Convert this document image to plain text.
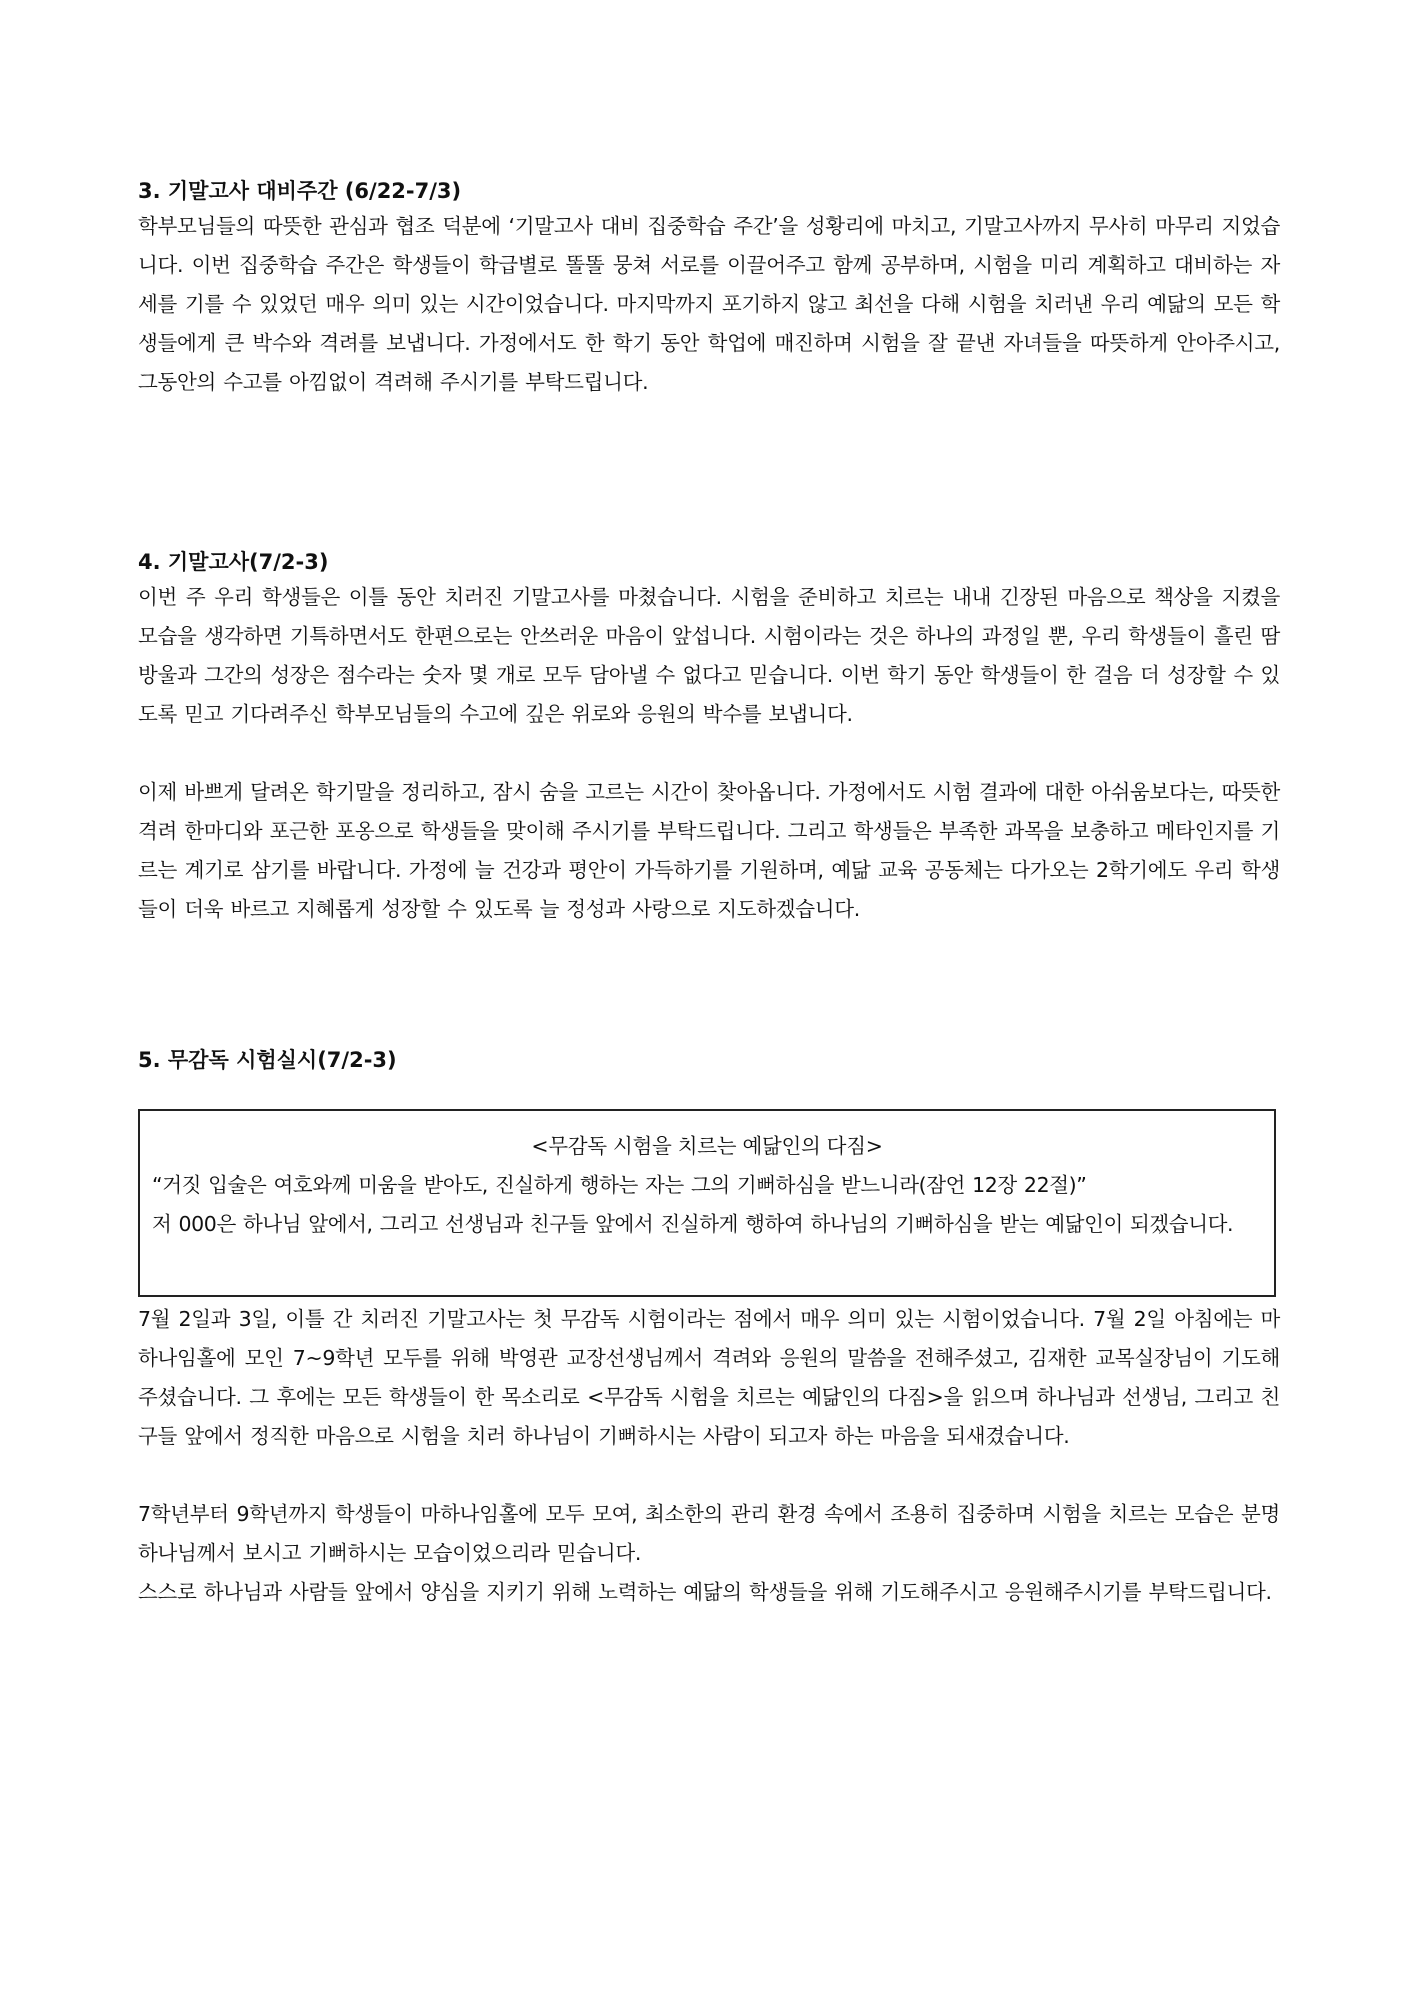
3. 기말고사 대비주간 (6/22-7/3)

학부모님들의 따뜻한 관심과 협조 덕분에 ‘기말고사 대비 집중학습 주간’을 성황리에 마치고, 기말고사까지 무사히 마무리 지었습니다. 이번 집중학습 주간은 학생들이 학급별로 똘똘 뭉쳐 서로를 이끌어주고 함께 공부하며, 시험을 미리 계획하고 대비하는 자세를 기를 수 있었던 매우 의미 있는 시간이었습니다. 마지막까지 포기하지 않고 최선을 다해 시험을 치러낸 우리 예닮의 모든 학생들에게 큰 박수와 격려를 보냅니다. 가정에서도 한 학기 동안 학업에 매진하며 시험을 잘 끝낸 자녀들을 따뜻하게 안아주시고, 그동안의 수고를 아낌없이 격려해 주시기를 부탁드립니다.

4. 기말고사(7/2-3)

이번 주 우리 학생들은 이틀 동안 치러진 기말고사를 마쳤습니다. 시험을 준비하고 치르는 내내 긴장된 마음으로 책상을 지켰을 모습을 생각하면 기특하면서도 한편으로는 안쓰러운 마음이 앞섭니다. 시험이라는 것은 하나의 과정일 뿐, 우리 학생들이 흘린 땀방울과 그간의 성장은 점수라는 숫자 몇 개로 모두 담아낼 수 없다고 믿습니다. 이번 학기 동안 학생들이 한 걸음 더 성장할 수 있도록 믿고 기다려주신 학부모님들의 수고에 깊은 위로와 응원의 박수를 보냅니다.

이제 바쁘게 달려온 학기말을 정리하고, 잠시 숨을 고르는 시간이 찾아옵니다. 가정에서도 시험 결과에 대한 아쉬움보다는, 따뜻한 격려 한마디와 포근한 포옹으로 학생들을 맞이해 주시기를 부탁드립니다. 그리고 학생들은 부족한 과목을 보충하고 메타인지를 기르는 계기로 삼기를 바랍니다. 가정에 늘 건강과 평안이 가득하기를 기원하며, 예닮 교육 공동체는 다가오는 2학기에도 우리 학생들이 더욱 바르고 지혜롭게 성장할 수 있도록 늘 정성과 사랑으로 지도하겠습니다.

5. 무감독 시험실시(7/2-3)

<무감독 시험을 치르는 예닮인의 다짐>

“거짓 입술은 여호와께 미움을 받아도, 진실하게 행하는 자는 그의 기뻐하심을 받느니라(잠언 12장 22절)”

저 000은 하나님 앞에서, 그리고 선생님과 친구들 앞에서 진실하게 행하여 하나님의 기뻐하심을 받는 예닮인이 되겠습니다.

7월 2일과 3일, 이틀 간 치러진 기말고사는 첫 무감독 시험이라는 점에서 매우 의미 있는 시험이었습니다. 7월 2일 아침에는 마하나임홀에 모인 7~9학년 모두를 위해 박영관 교장선생님께서 격려와 응원의 말씀을 전해주셨고, 김재한 교목실장님이 기도해 주셨습니다. 그 후에는 모든 학생들이 한 목소리로 <무감독 시험을 치르는 예닮인의 다짐>을 읽으며 하나님과 선생님, 그리고 친구들 앞에서 정직한 마음으로 시험을 치러 하나님이 기뻐하시는 사람이 되고자 하는 마음을 되새겼습니다.

7학년부터 9학년까지 학생들이 마하나임홀에 모두 모여, 최소한의 관리 환경 속에서 조용히 집중하며 시험을 치르는 모습은 분명 하나님께서 보시고 기뻐하시는 모습이었으리라 믿습니다.

스스로 하나님과 사람들 앞에서 양심을 지키기 위해 노력하는 예닮의 학생들을 위해 기도해주시고 응원해주시기를 부탁드립니다.
